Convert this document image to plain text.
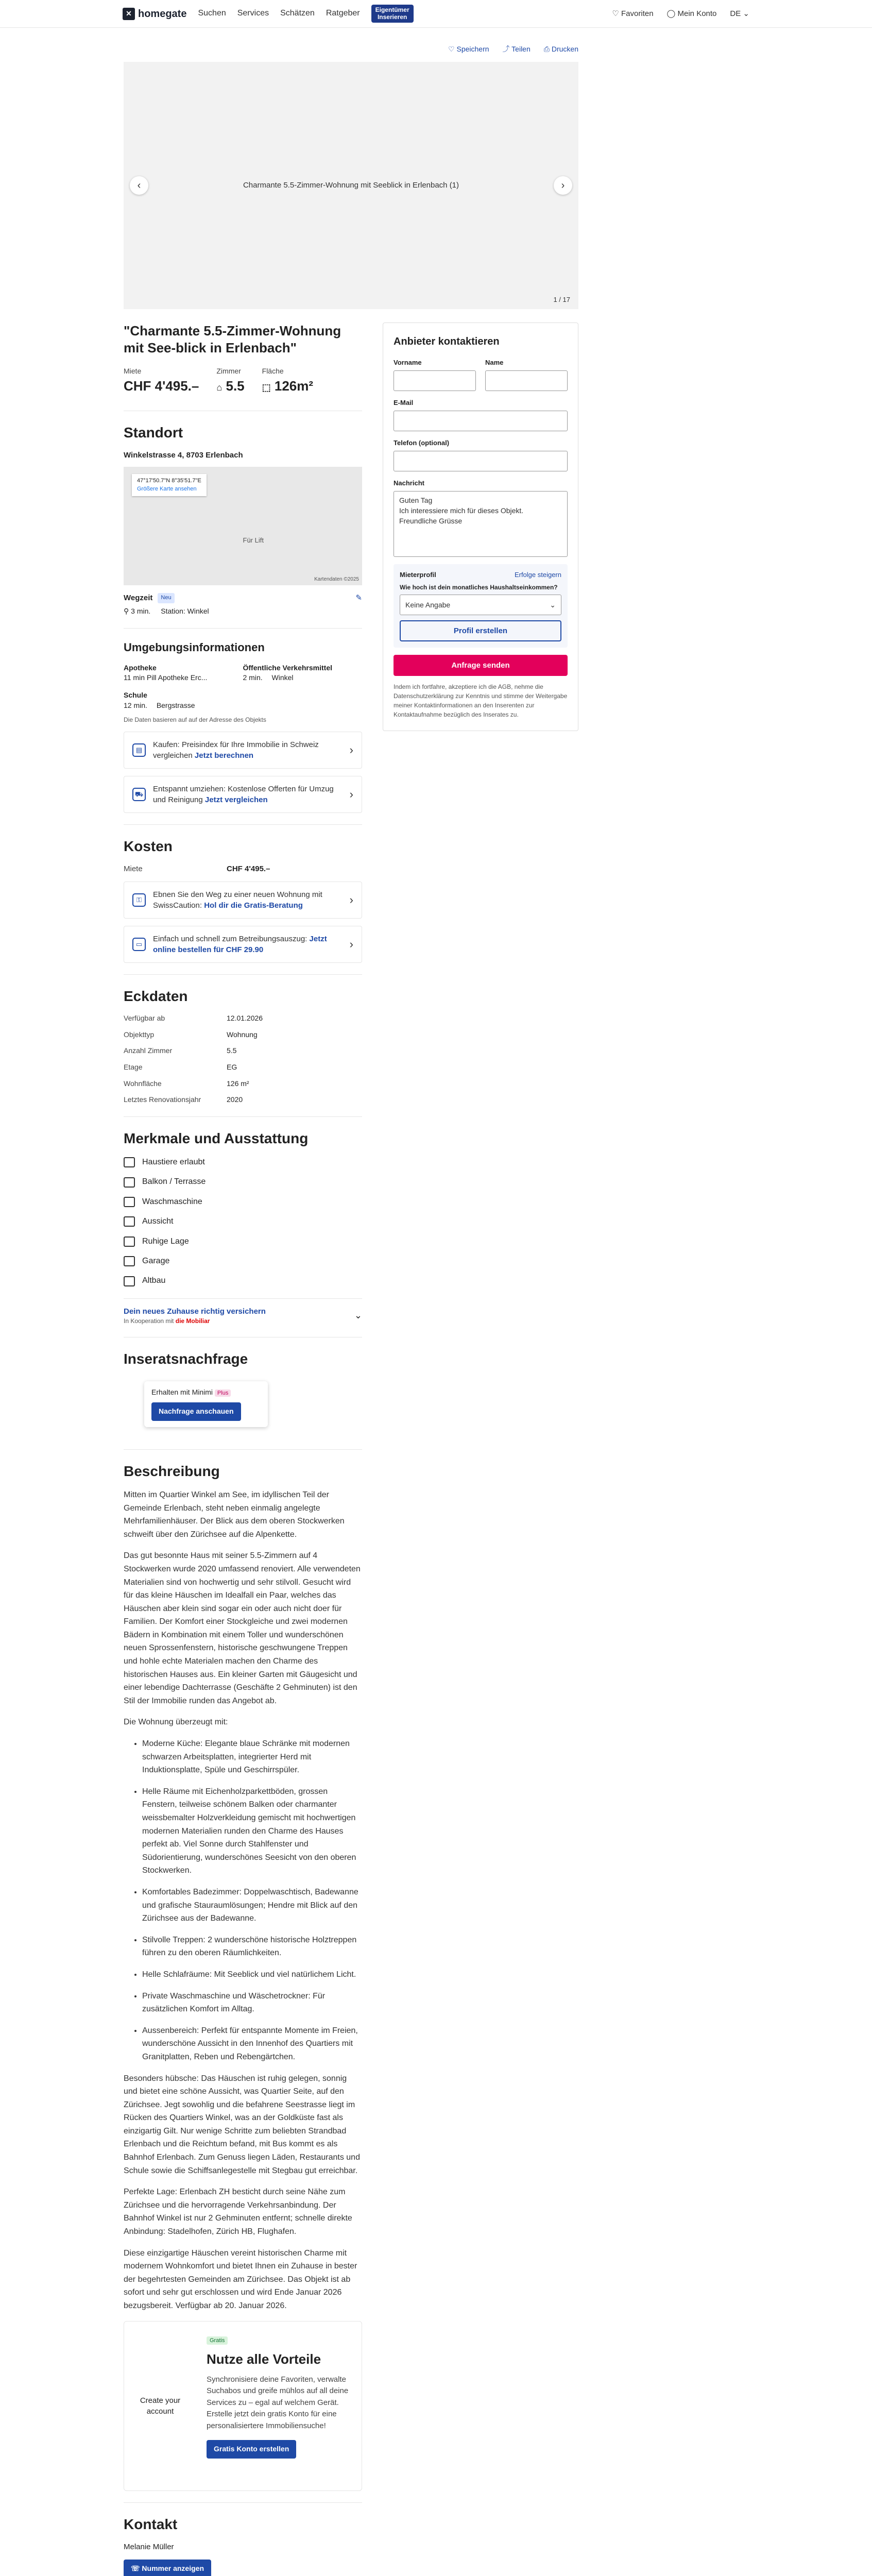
✕ homegate Suchen Services Schätzen Ratgeber	Eigentümer
Inserieren	♡ Favoriten ◯ Mein Konto DE ⌄
♡ Speichern ⤴ Teilen ⎙ Drucken
Charmante 5.5-Zimmer-Wohnung mit Seeblick in Erlenbach (1)
‹	›
1 / 17
"Charmante 5.5-Zimmer-Wohnung mit See-blick in Erlenbach"
Miete
CHF 4'495.–
Zimmer
⌂ 5.5
Fläche
⬚ 126m²
Standort
Winkelstrasse 4, 8703 Erlenbach
47°17'50.7"N 8°35'51.7"E
Größere Karte ansehen
Für Lift
Kartendaten ©2025
Wegzeit	Neu	✎
⚲ 3 min. Station: Winkel
Umgebungsinformationen
Apotheke
11 min Pill Apotheke Erc...
Öffentliche Verkehrsmittel
2 min. Winkel
Schule
12 min. Bergstrasse
Die Daten basieren auf auf der Adresse des Objekts
▤
Kaufen: Preisindex für Ihre Immobilie in Schweiz vergleichen Jetzt berechnen	›
⛟
Entspannt umziehen: Kostenlose Offerten für Umzug und Reinigung Jetzt vergleichen	›
Kosten
Miete	CHF 4'495.–
⚿
Ebnen Sie den Weg zu einer neuen Wohnung mit SwissCaution: Hol dir die Gratis-Beratung	›
▭
Einfach und schnell zum Betreibungsauszug: Jetzt online bestellen für CHF 29.90	›
Eckdaten
Verfügbar ab	12.01.2026
Objekttyp	Wohnung
Anzahl Zimmer	5.5
Etage	EG
Wohnfläche	126 m²
Letztes Renovationsjahr	2020
Merkmale und Ausstattung
Haustiere erlaubt
Balkon / Terrasse
Waschmaschine
Aussicht
Ruhige Lage
Garage
Altbau
Dein neues Zuhause richtig versichern
In Kooperation mit die Mobiliar
⌄
Inseratsnachfrage
Erhalten mit Minimi Plus
Nachfrage anschauen
Beschreibung

Mitten im Quartier Winkel am See, im idyllischen Teil der Gemeinde Erlenbach, steht neben einmalig angelegte Mehrfamilienhäuser. Der Blick aus dem oberen Stockwerken schweift über den Zürichsee auf die Alpenkette.

Das gut besonnte Haus mit seiner 5.5-Zimmern auf 4 Stockwerken wurde 2020 umfassend renoviert. Alle verwendeten Materialien sind von hochwertig und sehr stilvoll. Gesucht wird für das kleine Häuschen im Idealfall ein Paar, welches das Häuschen aber klein sind sogar ein oder auch nicht doer für Familien. Der Komfort einer Stockgleiche und zwei modernen Bädern in Kombination mit einem Toller und wunderschönen neuen Sprossenfenstern, historische geschwungene Treppen und hohle echte Materialen machen den Charme des historischen Hauses aus. Ein kleiner Garten mit Gäugesicht und einer lebendige Dachterrasse (Geschäfte 2 Gehminuten) ist den Stil der Immobilie runden das Angebot ab.

Die Wohnung überzeugt mit:

• Moderne Küche: Elegante blaue Schränke mit modernen schwarzen Arbeitsplatten, integrierter Herd mit Induktionsplatte, Spüle und Geschirrspüler.
• Helle Räume mit Eichenholzparkettböden, grossen Fenstern, teilweise schönem Balken oder charmanter weissbemalter Holzverkleidung gemischt mit hochwertigen modernen Materialien runden den Charme des Hauses perfekt ab. Viel Sonne durch Stahlfenster und Südorientierung, wunderschönes Seesicht von den oberen Stockwerken.
• Komfortables Badezimmer: Doppelwaschtisch, Badewanne und grafische Stauraumlösungen; Hendre mit Blick auf den Zürichsee aus der Badewanne.
• Stilvolle Treppen: 2 wunderschöne historische Holztreppen führen zu den oberen Räumlichkeiten.
• Helle Schlafräume: Mit Seeblick und viel natürlichem Licht.
• Private Waschmaschine und Wäschetrockner: Für zusätzlichen Komfort im Alltag.
• Aussenbereich: Perfekt für entspannte Momente im Freien, wunderschöne Aussicht in den Innenhof des Quartiers mit Granitplatten, Reben und Rebengärtchen.

Besonders hübsche: Das Häuschen ist ruhig gelegen, sonnig und bietet eine schöne Aussicht, was Quartier Seite, auf den Zürichsee. Jegt sowohlig und die befahrene Seestrasse liegt im Rücken des Quartiers Winkel, was an der Goldküste fast als einzigartig Gilt. Nur wenige Schritte zum beliebten Strandbad Erlenbach und die Reichtum befand, mit Bus kommt es als Bahnhof Erlenbach. Zum Genuss liegen Läden, Restaurants und Schule sowie die Schiffsanlegestelle mit Stegbau gut erreichbar.

Perfekte Lage: Erlenbach ZH besticht durch seine Nähe zum Zürichsee und die hervorragende Verkehrsanbindung. Der Bahnhof Winkel ist nur 2 Gehminuten entfernt; schnelle direkte Anbindung: Stadelhofen, Zürich HB, Flughafen.

Diese einzigartige Häuschen vereint historischen Charme mit modernem Wohnkomfort und bietet Ihnen ein Zuhause in bester der begehrtesten Gemeinden am Zürichsee. Das Objekt ist ab sofort und sehr gut erschlossen und wird Ende Januar 2026 bezugsbereit. Verfügbar ab 20. Januar 2026.

Create your account
Gratis
Nutze alle Vorteile
Synchronisiere deine Favoriten, verwalte Suchabos und greife mühlos auf all deine Services zu – egal auf welchem Gerät. Erstelle jetzt dein gratis Konto für eine personalisiertere Immobiliensuche!
Gratis Konto erstellen
Kontakt
Melanie Müller
☏ Nummer anzeigen
Anbieter kontaktieren
Vorname	Name
E-Mail
Telefon (optional)
Nachricht
Guten Tag
Ich interessiere mich für dieses Objekt.
Freundliche Grüsse
Mieterprofil	Erfolge steigern
Wie hoch ist dein monatliches Haushaltseinkommen?
Keine Angabe	⌄
Profil erstellen
Anfrage senden
Indem ich fortfahre, akzeptiere ich die AGB, nehme die Datenschutzerklärung zur Kenntnis und stimme der Weitergabe meiner Kontaktinformationen an den Inserenten zur Kontaktaufnahme bezüglich des Inserates zu.
